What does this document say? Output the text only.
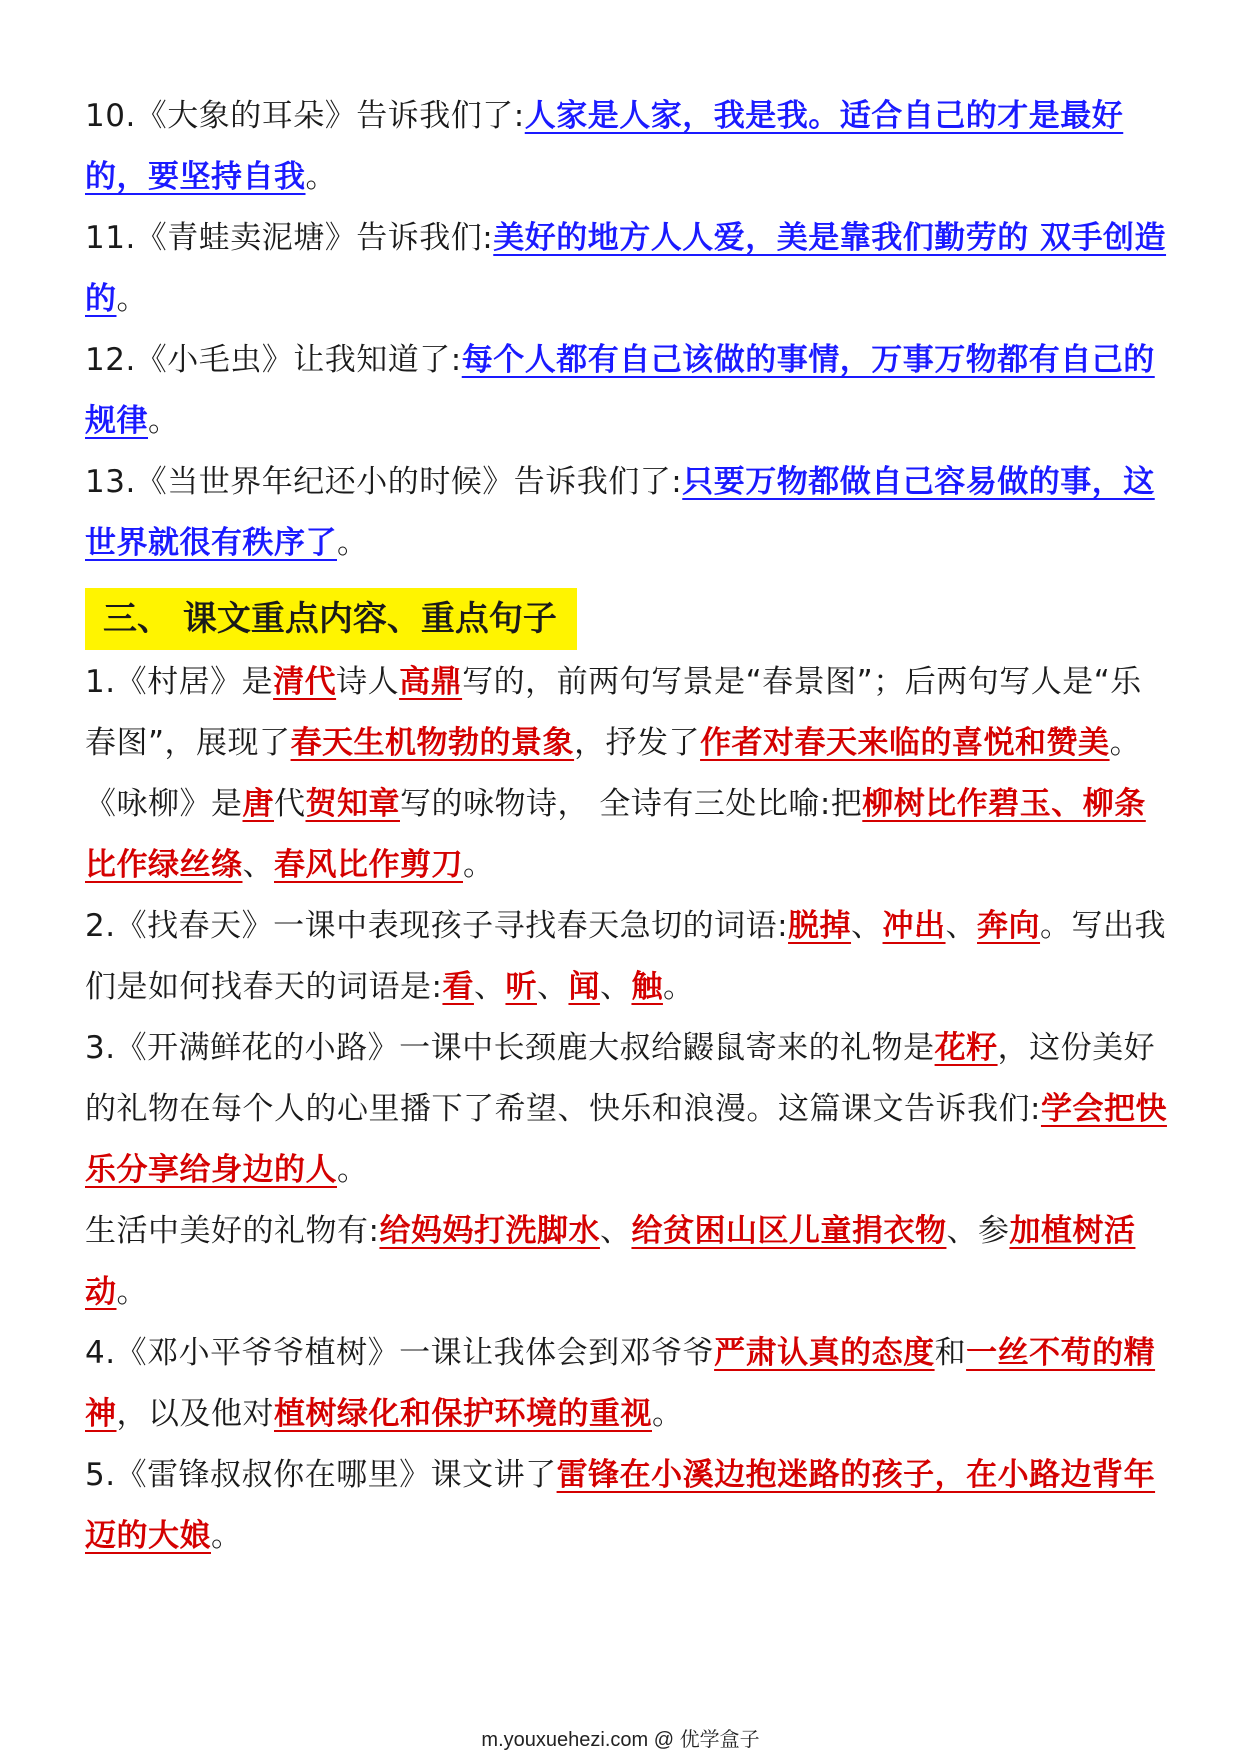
10.《大象的耳朵》告诉我们了:人家是人家，我是我。适合自己的才是最好的，要坚持自我。

11.《青蛙卖泥塘》告诉我们:美好的地方人人爱，美是靠我们勤劳的 双手创造的。

12.《小毛虫》让我知道了:每个人都有自己该做的事情，万事万物都有自己的规律。

13.《当世界年纪还小的时候》告诉我们了:只要万物都做自己容易做的事，这世界就很有秩序了。

三、 课文重点内容、重点句子

1.《村居》是清代诗人高鼎写的，前两句写景是“春景图”；后两句写人是“乐春图”，展现了春天生机物勃的景象，抒发了作者对春天来临的喜悦和赞美。

《咏柳》是唐代贺知章写的咏物诗， 全诗有三处比喻:把柳树比作碧玉、柳条比作绿丝绦、春风比作剪刀。

2.《找春天》一课中表现孩子寻找春天急切的词语:脱掉、冲出、奔向。写出我们是如何找春天的词语是:看、听、闻、触。

3.《开满鲜花的小路》一课中长颈鹿大叔给鼹鼠寄来的礼物是花籽，这份美好的礼物在每个人的心里播下了希望、快乐和浪漫。这篇课文告诉我们:学会把快乐分享给身边的人。

生活中美好的礼物有:给妈妈打洗脚水、给贫困山区儿童捐衣物、参加植树活动。

4.《邓小平爷爷植树》一课让我体会到邓爷爷严肃认真的态度和一丝不苟的精神，以及他对植树绿化和保护环境的重视。

5.《雷锋叔叔你在哪里》课文讲了雷锋在小溪边抱迷路的孩子，在小路边背年迈的大娘。

m.youxuehezi.com @ 优学盒子
